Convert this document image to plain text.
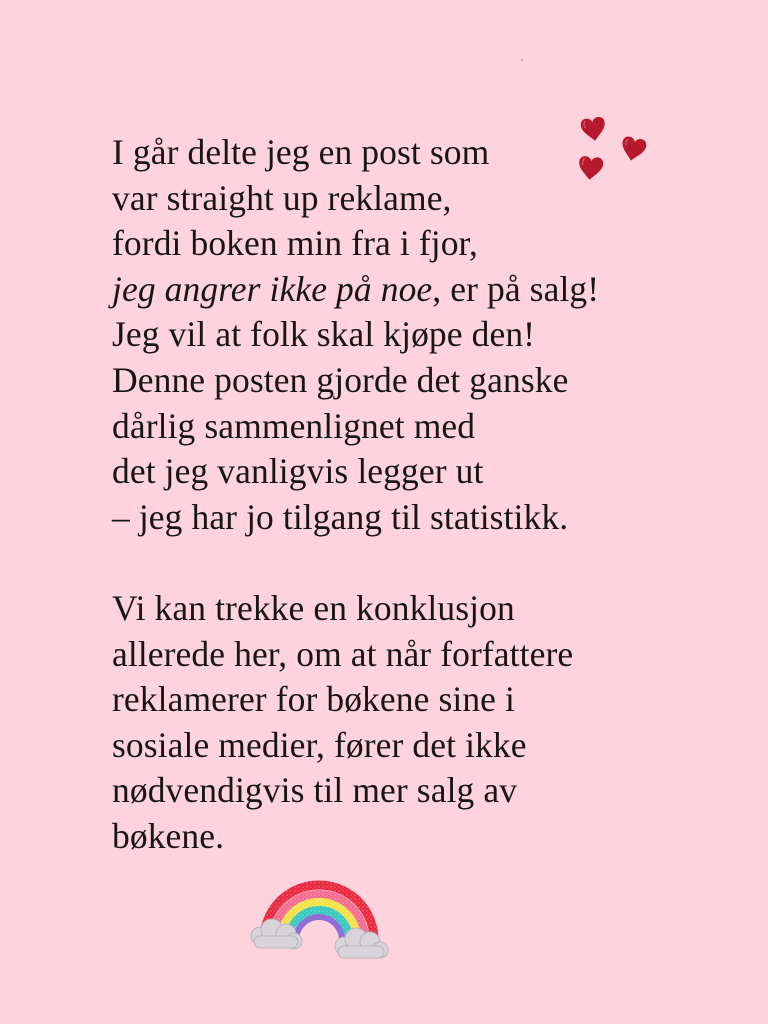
I går delte jeg en post som
var straight up reklame,
fordi boken min fra i fjor,
jeg angrer ikke på noe, er på salg!
Jeg vil at folk skal kjøpe den!
Denne posten gjorde det ganske
dårlig sammenlignet med
det jeg vanligvis legger ut
– jeg har jo tilgang til statistikk.
Vi kan trekke en konklusjon
allerede her, om at når forfattere
reklamerer for bøkene sine i
sosiale medier, fører det ikke
nødvendigvis til mer salg av
bøkene.
